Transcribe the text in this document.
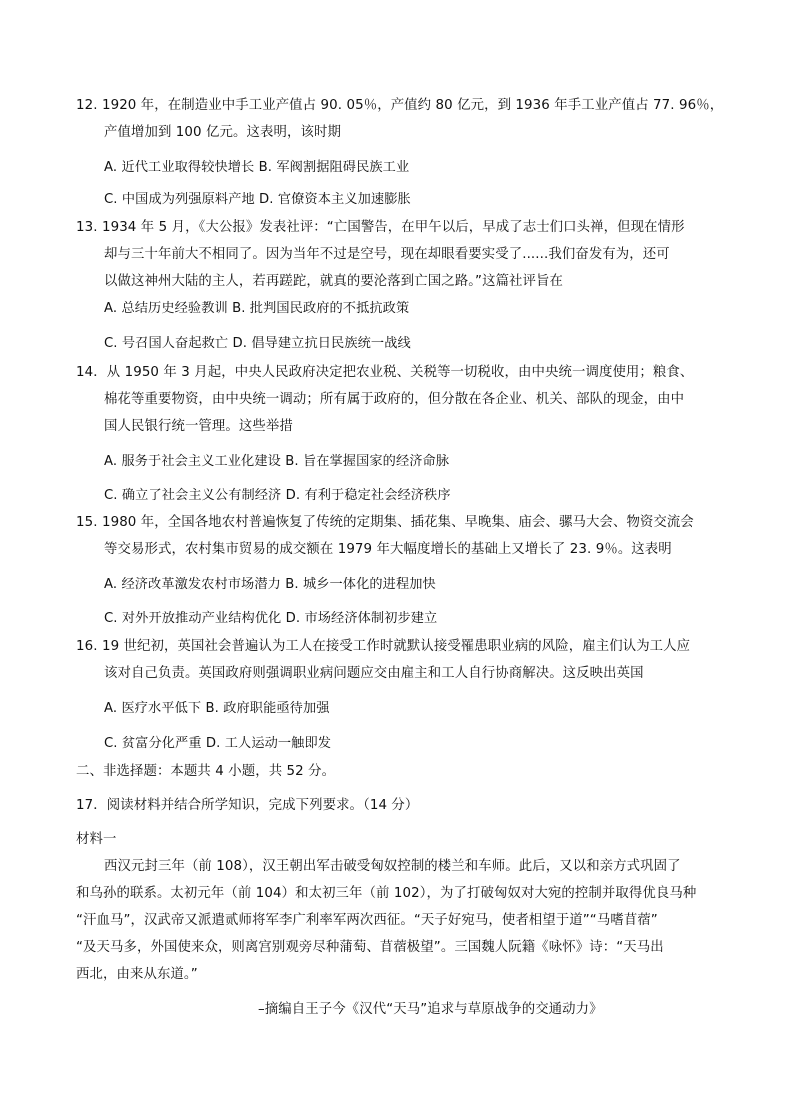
12. 1920 年，在制造业中手工业产值占 90. 05％，产值约 80 亿元，到 1936 年手工业产值占 77. 96％，
产值增加到 100 亿元。这表明，该时期
A. 近代工业取得较快增长 B. 军阀割据阻碍民族工业
C. 中国成为列强原料产地 D. 官僚资本主义加速膨胀
13. 1934 年 5 月，《大公报》发表社评：“亡国警告，在甲午以后，早成了志士们口头禅，但现在情形
却与三十年前大不相同了。因为当年不过是空号，现在却眼看要实受了......我们奋发有为，还可
以做这神州大陆的主人，若再蹉跎，就真的要沦落到亡国之路。”这篇社评旨在
A. 总结历史经验教训 B. 批判国民政府的不抵抗政策
C. 号召国人奋起救亡 D. 倡导建立抗日民族统一战线
14．从 1950 年 3 月起，中央人民政府决定把农业税、关税等一切税收，由中央统一调度使用；粮食、
棉花等重要物资，由中央统一调动；所有属于政府的，但分散在各企业、机关、部队的现金，由中
国人民银行统一管理。这些举措
A. 服务于社会主义工业化建设 B. 旨在掌握国家的经济命脉
C. 确立了社会主义公有制经济 D. 有利于稳定社会经济秩序
15. 1980 年，全国各地农村普遍恢复了传统的定期集、插花集、早晚集、庙会、骡马大会、物资交流会
等交易形式，农村集市贸易的成交额在 1979 年大幅度增长的基础上又增长了 23. 9％。这表明
A. 经济改革激发农村市场潜力 B. 城乡一体化的进程加快
C. 对外开放推动产业结构优化 D. 市场经济体制初步建立
16. 19 世纪初，英国社会普遍认为工人在接受工作时就默认接受罹患职业病的风险，雇主们认为工人应
该对自己负责。英国政府则强调职业病问题应交由雇主和工人自行协商解决。这反映出英国
A. 医疗水平低下 B. 政府职能亟待加强
C. 贫富分化严重 D. 工人运动一触即发
二、非选择题：本题共 4 小题，共 52 分。
17．阅读材料并结合所学知识，完成下列要求。（14 分）
材料一
西汉元封三年（前 108），汉王朝出军击破受匈奴控制的楼兰和车师。此后，又以和亲方式巩固了
和乌孙的联系。太初元年（前 104）和太初三年（前 102），为了打破匈奴对大宛的控制并取得优良马种
“汗血马”，汉武帝又派遣贰师将军李广利率军两次西征。“天子好宛马，使者相望于道”“马嗜苜蓿”
“及天马多，外国使来众，则离宫别观旁尽种蒲萄、苜蓿极望”。三国魏人阮籍《咏怀》诗：“天马出
西北，由来从东道。”
–摘编自王子今《汉代“天马”追求与草原战争的交通动力》
